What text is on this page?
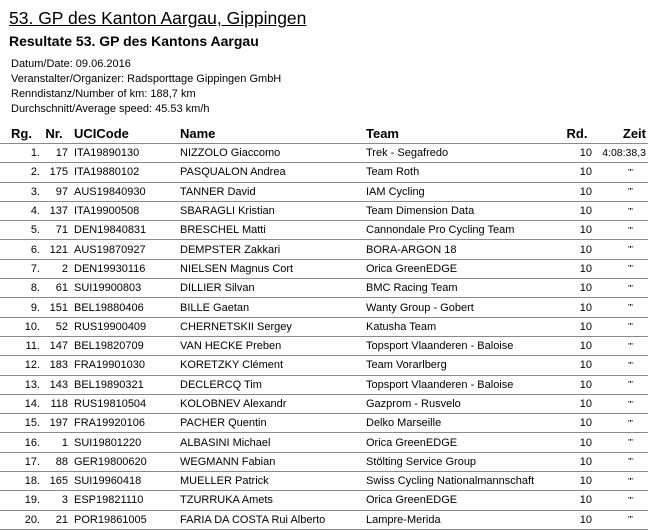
53. GP des Kanton Aargau, Gippingen
Resultate 53. GP des Kantons Aargau
Datum/Date: 09.06.2016
Veranstalter/Organizer: Radsporttage Gippingen GmbH
Renndistanz/Number of km: 188,7 km
Durchschnitt/Average speed: 45.53 km/h
Rg.	Nr.	UCICode	Name	Team	Rd.	Zeit
1.	17	ITA19890130	NIZZOLO Giaccomo	Trek - Segafredo	10	4:08:38,3
2.	175	ITA19880102	PASQUALON Andrea	Team Roth	10	""
3.	97	AUS19840930	TANNER David	IAM Cycling	10	""
4.	137	ITA19900508	SBARAGLI Kristian	Team Dimension Data	10	""
5.	71	DEN19840831	BRESCHEL Matti	Cannondale Pro Cycling Team	10	""
6.	121	AUS19870927	DEMPSTER Zakkari	BORA-ARGON 18	10	""
7.	2	DEN19930116	NIELSEN Magnus Cort	Orica GreenEDGE	10	""
8.	61	SUI19900803	DILLIER Silvan	BMC Racing Team	10	""
9.	151	BEL19880406	BILLE Gaetan	Wanty Group - Gobert	10	""
10.	52	RUS19900409	CHERNETSKII Sergey	Katusha Team	10	""
11.	147	BEL19820709	VAN HECKE Preben	Topsport Vlaanderen - Baloise	10	""
12.	183	FRA19901030	KORETZKY Clément	Team Vorarlberg	10	""
13.	143	BEL19890321	DECLERCQ Tim	Topsport Vlaanderen - Baloise	10	""
14.	118	RUS19810504	KOLOBNEV Alexandr	Gazprom - Rusvelo	10	""
15.	197	FRA19920106	PACHER Quentin	Delko Marseille	10	""
16.	1	SUI19801220	ALBASINI Michael	Orica GreenEDGE	10	""
17.	88	GER19800620	WEGMANN Fabian	Stölting Service Group	10	""
18.	165	SUI19960418	MUELLER Patrick	Swiss Cycling Nationalmannschaft	10	""
19.	3	ESP19821110	TZURRUKA Amets	Orica GreenEDGE	10	""
20.	21	POR19861005	FARIA DA COSTA Rui Alberto	Lampre-Merida	10	""
